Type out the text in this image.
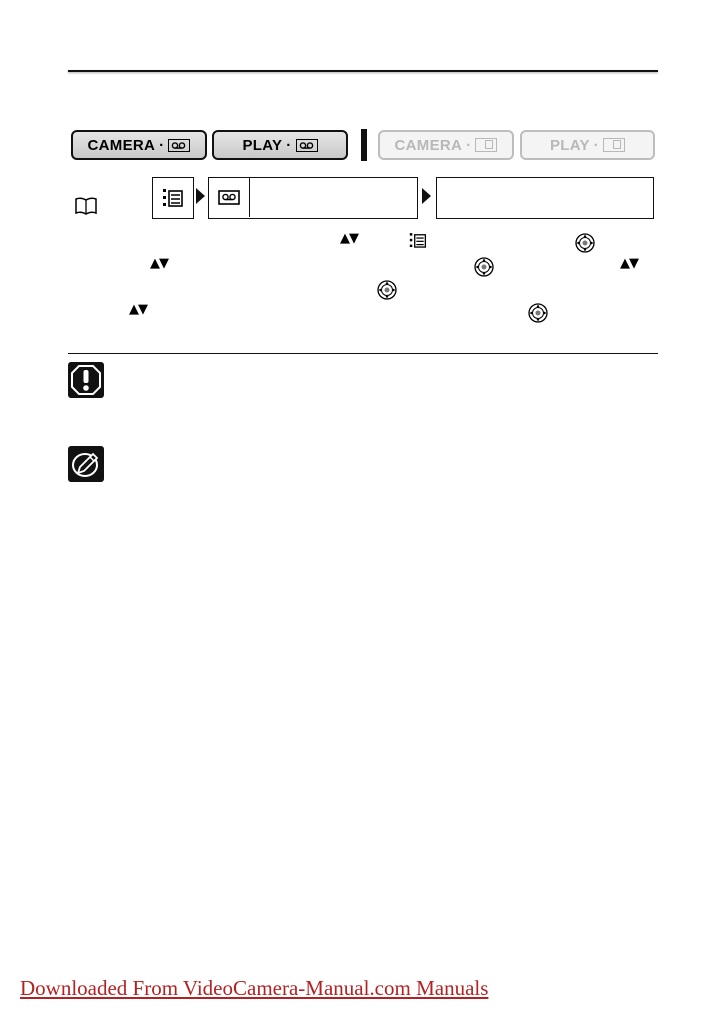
CAMERA ·	PLAY ·	CAMERA ·	PLAY ·
▲▼
▲▼	▲▼
▲▼
Downloaded From VideoCamera-Manual.com Manuals
